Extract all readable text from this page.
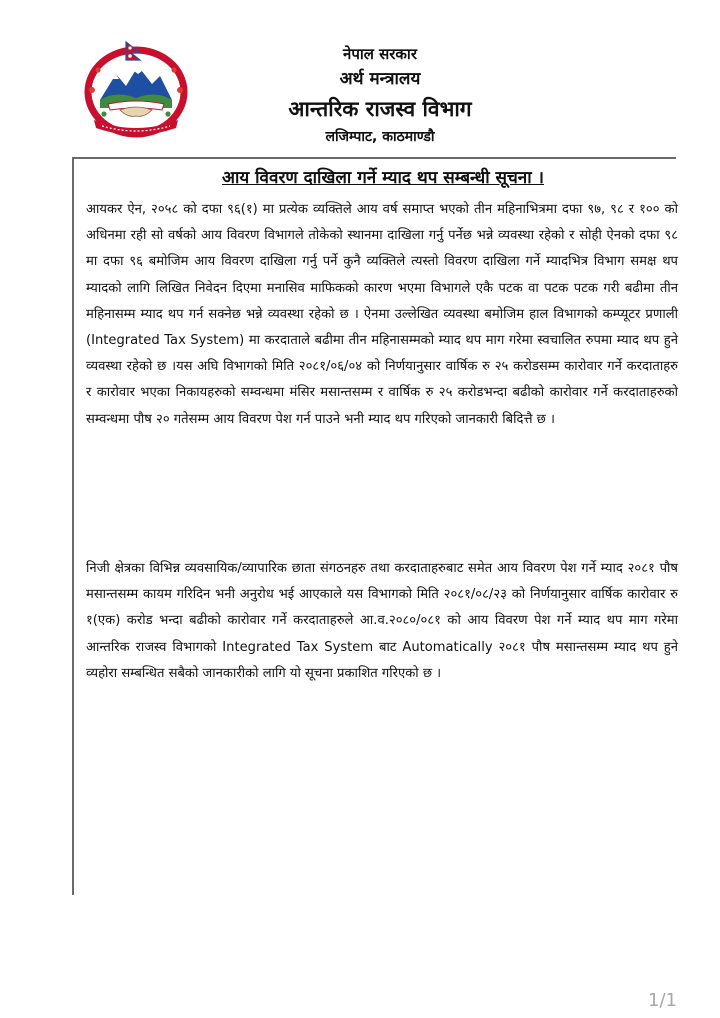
नेपाल सरकार
अर्थ मन्त्रालय
आन्तरिक राजस्व विभाग
लजिम्पाट, काठमाण्डौ
आय विवरण दाखिला गर्ने म्याद थप सम्बन्धी सूचना ।

आयकर ऐन, २०५८ को दफा ९६(१) मा प्रत्येक व्यक्तिले आय वर्ष समाप्त भएको तीन महिनाभित्रमा दफा ९७, ९८ र १०० को अधिनमा रही सो वर्षको आय विवरण विभागले तोकेको स्थानमा दाखिला गर्नु पर्नेछ भन्ने व्यवस्था रहेको र सोही ऐनको दफा ९८ मा दफा ९६ बमोजिम आय विवरण दाखिला गर्नु पर्ने कुनै व्यक्तिले त्यस्तो विवरण दाखिला गर्ने म्यादभित्र विभाग समक्ष थप म्यादको लागि लिखित निवेदन दिएमा मनासिव माफिकको कारण भएमा विभागले एकै पटक वा पटक पटक गरी बढीमा तीन महिनासम्म म्याद थप गर्न सक्नेछ भन्ने व्यवस्था रहेको छ । ऐनमा उल्लेखित व्यवस्था बमोजिम हाल विभागको कम्प्यूटर प्रणाली (Integrated Tax System) मा करदाताले बढीमा तीन महिनासम्मको म्याद थप माग गरेमा स्वचालित रुपमा म्याद थप हुने व्यवस्था रहेको छ ।यस अघि विभागको मिति २०८१/०६/०४ को निर्णयानुसार वार्षिक रु २५ करोडसम्म कारोवार गर्ने करदाताहरु र कारोवार भएका निकायहरुको सम्वन्धमा मंसिर मसान्तसम्म र वार्षिक रु २५ करोडभन्दा बढीको कारोवार गर्ने करदाताहरुको सम्वन्धमा पौष २० गतेसम्म आय विवरण पेश गर्न पाउने भनी म्याद थप गरिएको जानकारी बिदित्तै छ ।

निजी क्षेत्रका विभिन्न व्यवसायिक/व्यापारिक छाता संगठनहरु तथा करदाताहरुबाट समेत आय विवरण पेश गर्ने म्याद २०८१ पौष मसान्तसम्म कायम गरिदिन भनी अनुरोध भई आएकाले यस विभागको मिति २०८१/०८/२३ को निर्णयानुसार वार्षिक कारोवार रु १(एक) करोड भन्दा बढीको कारोवार गर्ने करदाताहरुले आ.व.२०८०/०८१ को आय विवरण पेश गर्ने म्याद थप माग गरेमा आन्तरिक राजस्व विभागको Integrated Tax System बाट Automatically २०८१ पौष मसान्तसम्म म्याद थप हुने व्यहोरा सम्बन्धित सबैको जानकारीको लागि यो सूचना प्रकाशित गरिएको छ ।

1/1
